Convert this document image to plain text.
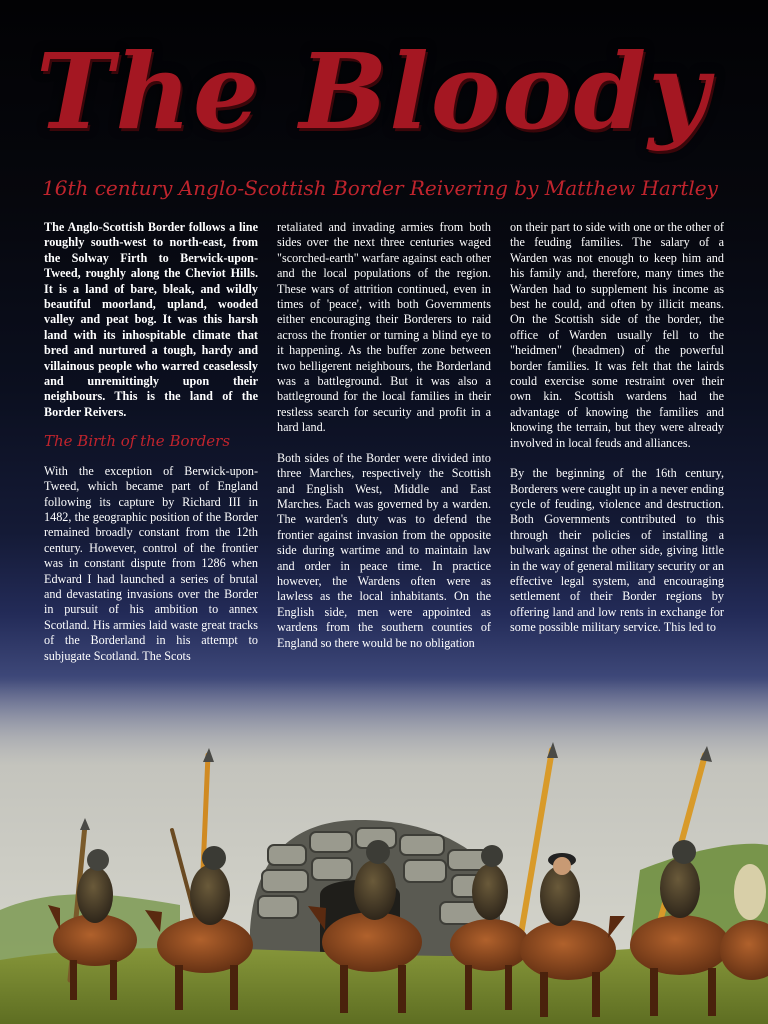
The Bloody
16th century Anglo-Scottish Border Reivering by Matthew Hartley

The Anglo-Scottish Border follows a line roughly south-west to north-east, from the Solway Firth to Berwick-upon-Tweed, roughly along the Cheviot Hills. It is a land of bare, bleak, and wildly beautiful moorland, upland, wooded valley and peat bog. It was this harsh land with its inhospitable climate that bred and nurtured a tough, hardy and villainous people who warred ceaselessly and unremittingly upon their neighbours. This is the land of the Border Reivers.

The Birth of the Borders

With the exception of Berwick-upon-Tweed, which became part of England following its capture by Richard III in 1482, the geographic position of the Border remained broadly constant from the 12th century. However, control of the frontier was in constant dispute from 1286 when Edward I had launched a series of brutal and devastating invasions over the Border in pursuit of his ambition to annex Scotland. His armies laid waste great tracks of the Borderland in his attempt to subjugate Scotland. The Scots

retaliated and invading armies from both sides over the next three centuries waged "scorched-earth" warfare against each other and the local populations of the region. These wars of attrition continued, even in times of 'peace', with both Governments either encouraging their Borderers to raid across the frontier or turning a blind eye to it happening. As the buffer zone between two belligerent neighbours, the Borderland was a battleground. But it was also a battleground for the local families in their restless search for security and profit in a hard land.

Both sides of the Border were divided into three Marches, respectively the Scottish and English West, Middle and East Marches. Each was governed by a warden. The warden's duty was to defend the frontier against invasion from the opposite side during wartime and to maintain law and order in peace time. In practice however, the Wardens often were as lawless as the local inhabitants. On the English side, men were appointed as wardens from the southern counties of England so there would be no obligation

on their part to side with one or the other of the feuding families. The salary of a Warden was not enough to keep him and his family and, therefore, many times the Warden had to supplement his income as best he could, and often by illicit means. On the Scottish side of the border, the office of Warden usually fell to the "heidmen" (headmen) of the powerful border families. It was felt that the lairds could exercise some restraint over their own kin. Scottish wardens had the advantage of knowing the families and knowing the terrain, but they were already involved in local feuds and alliances.

By the beginning of the 16th century, Borderers were caught up in a never ending cycle of feuding, violence and destruction. Both Governments contributed to this through their policies of installing a bulwark against the other side, giving little in the way of general military security or an effective legal system, and encouraging settlement of their Border regions by offering land and low rents in exchange for some possible military service. This led to
